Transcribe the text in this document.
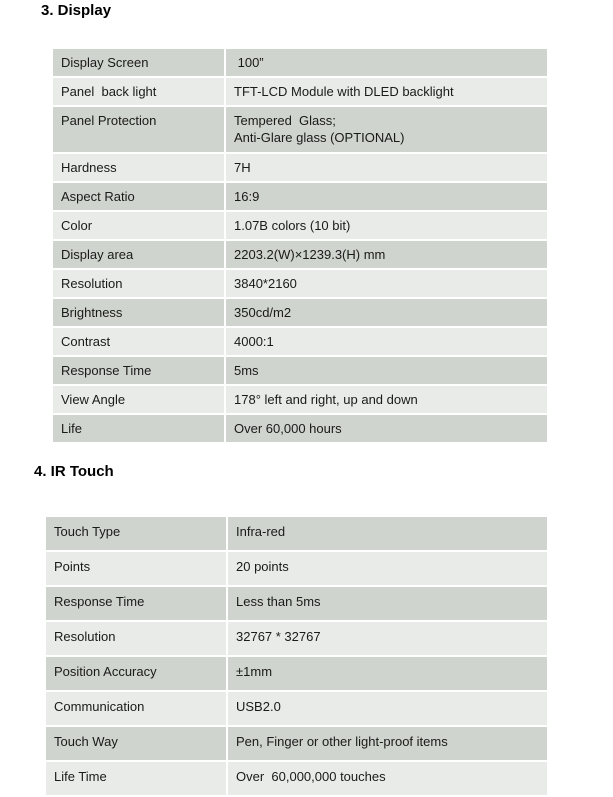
3. Display
Display Screen	100”
Panel  back light	TFT-LCD Module with DLED backlight
Panel Protection	Tempered  Glass;
Anti-Glare glass (OPTIONAL)

Hardness	7H
Aspect Ratio	16:9
Color	1.07B colors (10 bit)
Display area	2203.2(W)×1239.3(H) mm
Resolution	3840*2160
Brightness	350cd/m2
Contrast	4000:1
Response Time	5ms
View Angle	178° left and right, up and down
Life	Over 60,000 hours
4. IR Touch
Touch Type	Infra-red
Points	20 points
Response Time	Less than 5ms
Resolution	32767 * 32767
Position Accuracy	±1mm
Communication	USB2.0
Touch Way	Pen, Finger or other light-proof items
Life Time	Over  60,000,000 touches
